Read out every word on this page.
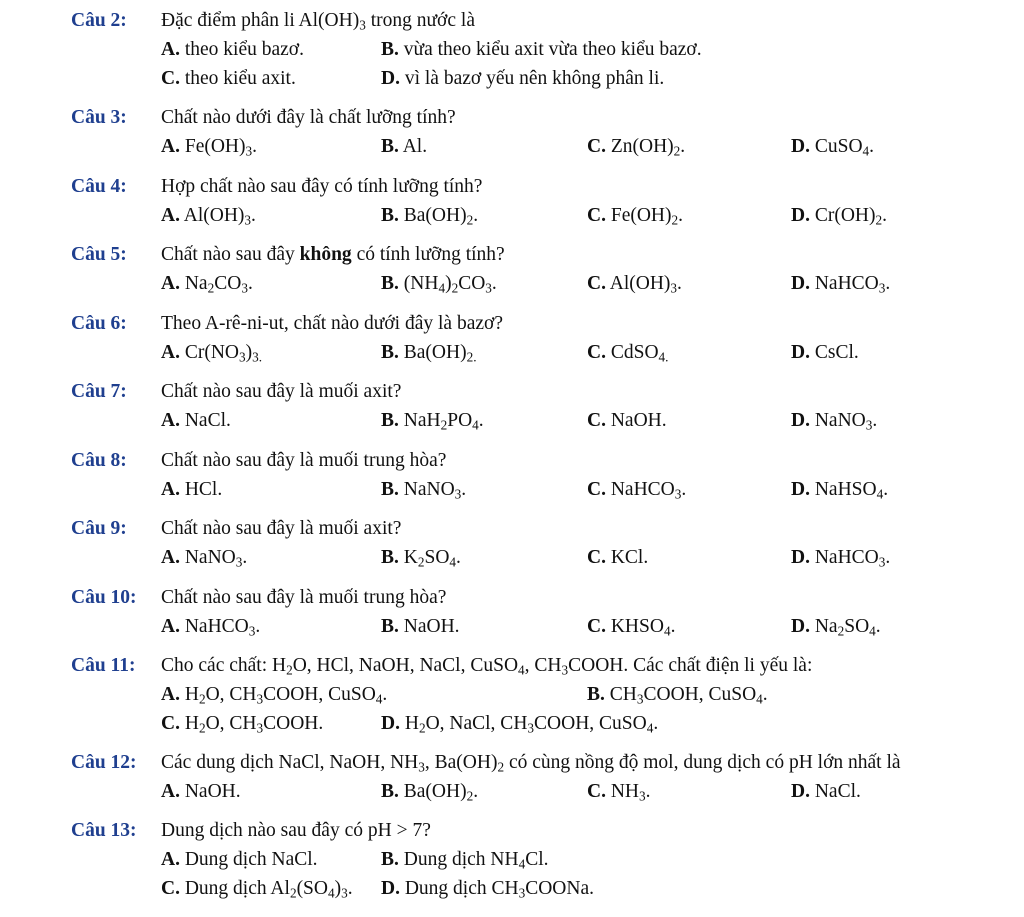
Câu 2: Đặc điểm phân li $Al(OH)_3$ trong nước là
A. theo kiểu bazơ.	B. vừa theo kiểu axit vừa theo kiểu bazơ.
C. theo kiểu axit.	D. vì là bazơ yếu nên không phân li.
Câu 3: Chất nào dưới đây là chất lưỡng tính?
A. $Fe(OH)_3$.	B. Al.	C. $Zn(OH)_2$.	D. CuSO$_4$.
Câu 4: Hợp chất nào sau đây có tính lưỡng tính?
A. $Al(OH)_3$.	B. $Ba(OH)_2$.	C. $Fe(OH)_2$.	D. $Cr(OH)_2$.
Câu 5: Chất nào sau đây không có tính lưỡng tính?
A. $Na_2CO_3$.	B. $(NH_4)_2CO_3$.	C. $Al(OH)_3$.	D. NaHCO$_3$.
Câu 6: Theo A-rê-ni-ut, chất nào dưới đây là bazơ?
A. $Cr(NO_3)_{3.}$	B. $Ba(OH)_{2.}$	C. CdSO$_{4.}$	D. CsCl.
Câu 7: Chất nào sau đây là muối axit?
A. NaCl.	B. $NaH_2PO_4$.	C. NaOH.	D. NaNO$_3$.
Câu 8: Chất nào sau đây là muối trung hòa?
A. HCl.	B. NaNO$_3$.	C. NaHCO$_3$.	D. NaHSO$_4$.
Câu 9: Chất nào sau đây là muối axit?
A. NaNO$_3$.	B. $K_2SO_4$.	C. KCl.	D. NaHCO$_3$.
Câu 10: Chất nào sau đây là muối trung hòa?
A. NaHCO$_3$.	B. NaOH.	C. $KHSO_4$.	D. $Na_2SO_4$.
Câu 11: Cho các chất: $H_2O$, HCl, NaOH, NaCl, CuSO$_4$, $CH_3COOH$. Các chất điện li yếu là:
A. $H_2O$, $CH_3COOH$, CuSO$_4$.	B. $CH_3COOH$, CuSO$_4$.
C. $H_2O$, $CH_3COOH$.	D. $H_2O$, NaCl, $CH_3COOH$, CuSO$_4$.
Câu 12: Các dung dịch NaCl, NaOH, $NH_3$, $Ba(OH)_2$ có cùng nồng độ mol, dung dịch có pH lớn nhất là
A. NaOH.	B. $Ba(OH)_2$.	C. $NH_3$.	D. NaCl.
Câu 13: Dung dịch nào sau đây có pH > 7?
A. Dung dịch NaCl.	B. Dung dịch $NH_4Cl$.
C. Dung dịch $Al_2(SO_4)_3$. D. Dung dịch $CH_3COONa$.
